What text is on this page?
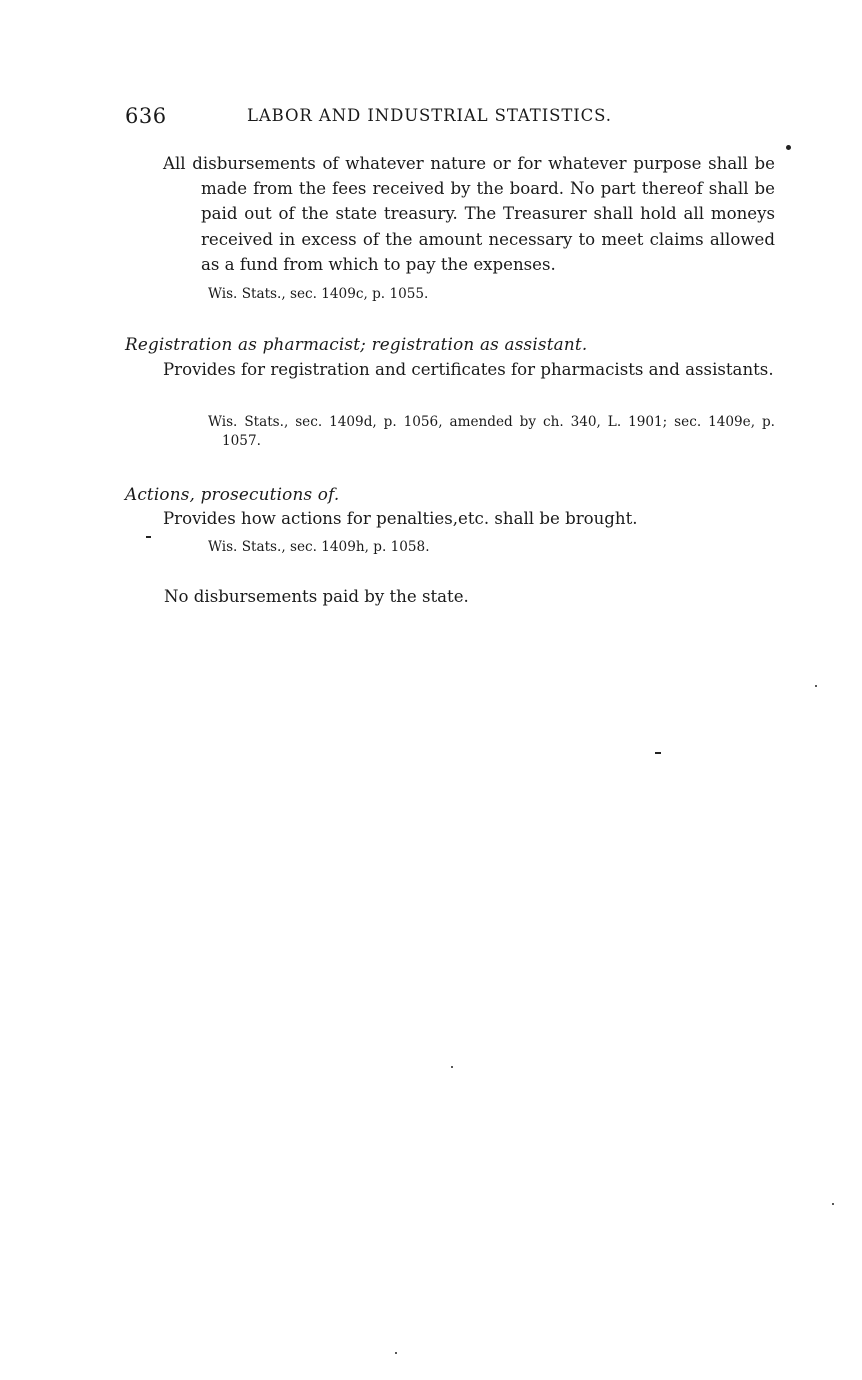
636	LABOR AND INDUSTRIAL STATISTICS.
All disbursements of whatever nature or for whatever purpose shall be made from the fees received by the board. No part thereof shall be paid out of the state treasury. The Treasurer shall hold all moneys received in excess of the amount necessary to meet claims allowed as a fund from which to pay the expenses.
Wis. Stats., sec. 1409c, p. 1055.
Registration as pharmacist; registration as assistant.
Provides for registration and certificates for pharmacists and assistants.
Wis. Stats., sec. 1409d, p. 1056, amended by ch. 340, L. 1901; sec. 1409e, p. 1057.
Actions, prosecutions of.
Provides how actions for penalties,etc. shall be brought.
Wis. Stats., sec. 1409h, p. 1058.
No disbursements paid by the state.
